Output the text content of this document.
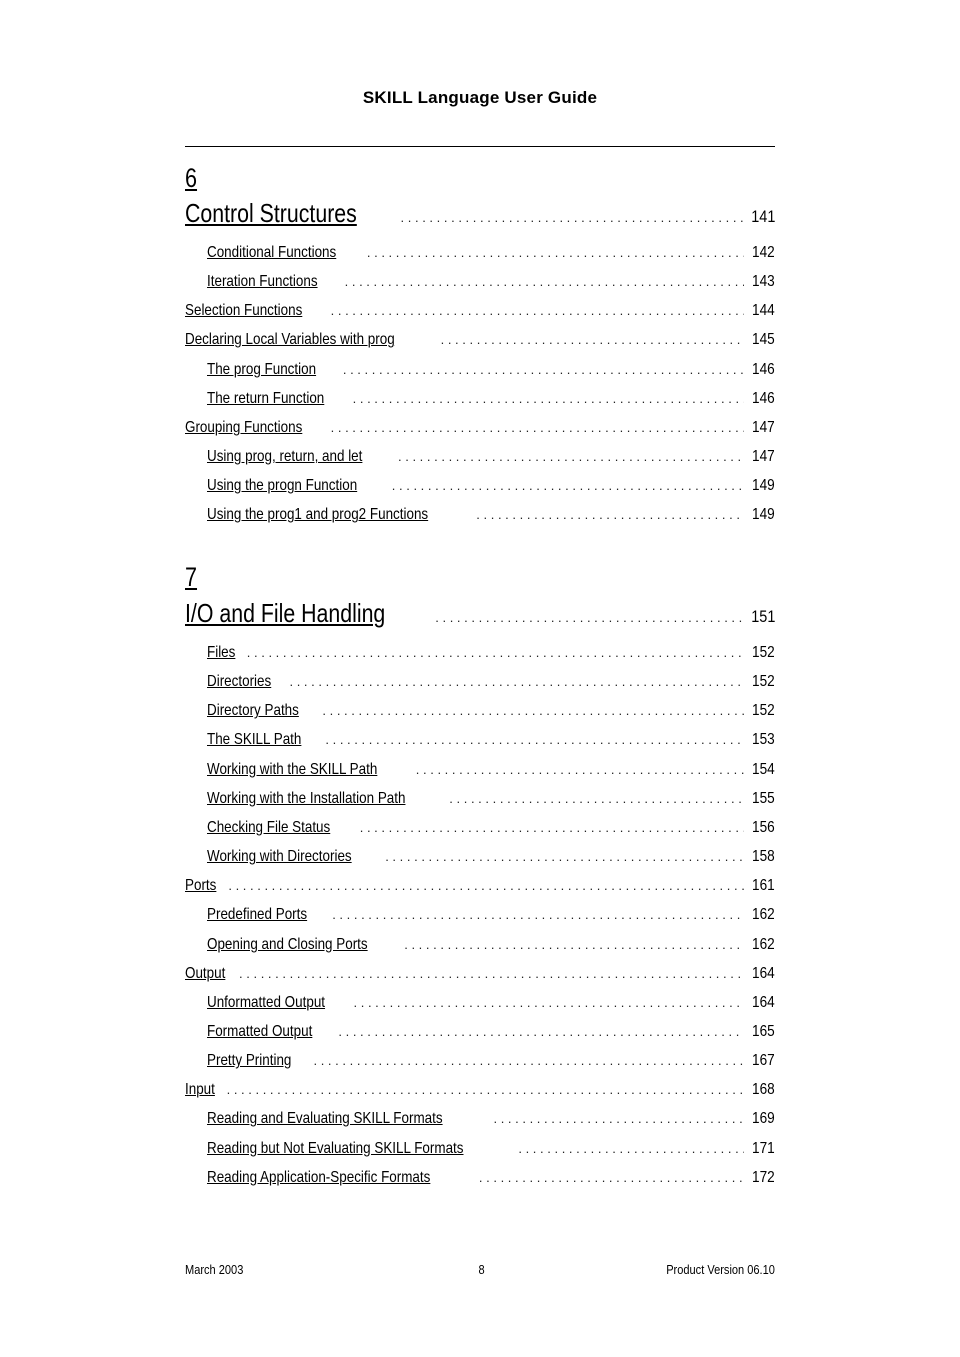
SKILL Language User Guide
6
Control Structures . . .	141
Conditional Functions . . .	142
Iteration Functions . . .	143
Selection Functions . . .	144
Declaring Local Variables with prog . . .	145
The prog Function . . .	146
The return Function . . .	146
Grouping Functions . . .	147
Using prog, return, and let . . .	147
Using the progn Function . . .	149
Using the prog1 and prog2 Functions . . .	149
7
I/O and File Handling . . .	151
Files . . .	152
Directories . . .	152
Directory Paths . . .	152
The SKILL Path . . .	153
Working with the SKILL Path . . .	154
Working with the Installation Path . . .	155
Checking File Status . . .	156
Working with Directories . . .	158
Ports . . .	161
Predefined Ports . . .	162
Opening and Closing Ports . . .	162
Output . . .	164
Unformatted Output . . .	164
Formatted Output . . .	165
Pretty Printing . . .	167
Input . . .	168
Reading and Evaluating SKILL Formats . . .	169
Reading but Not Evaluating SKILL Formats . . .	171
Reading Application-Specific Formats . . .	172
March 2003	8	Product Version 06.10
